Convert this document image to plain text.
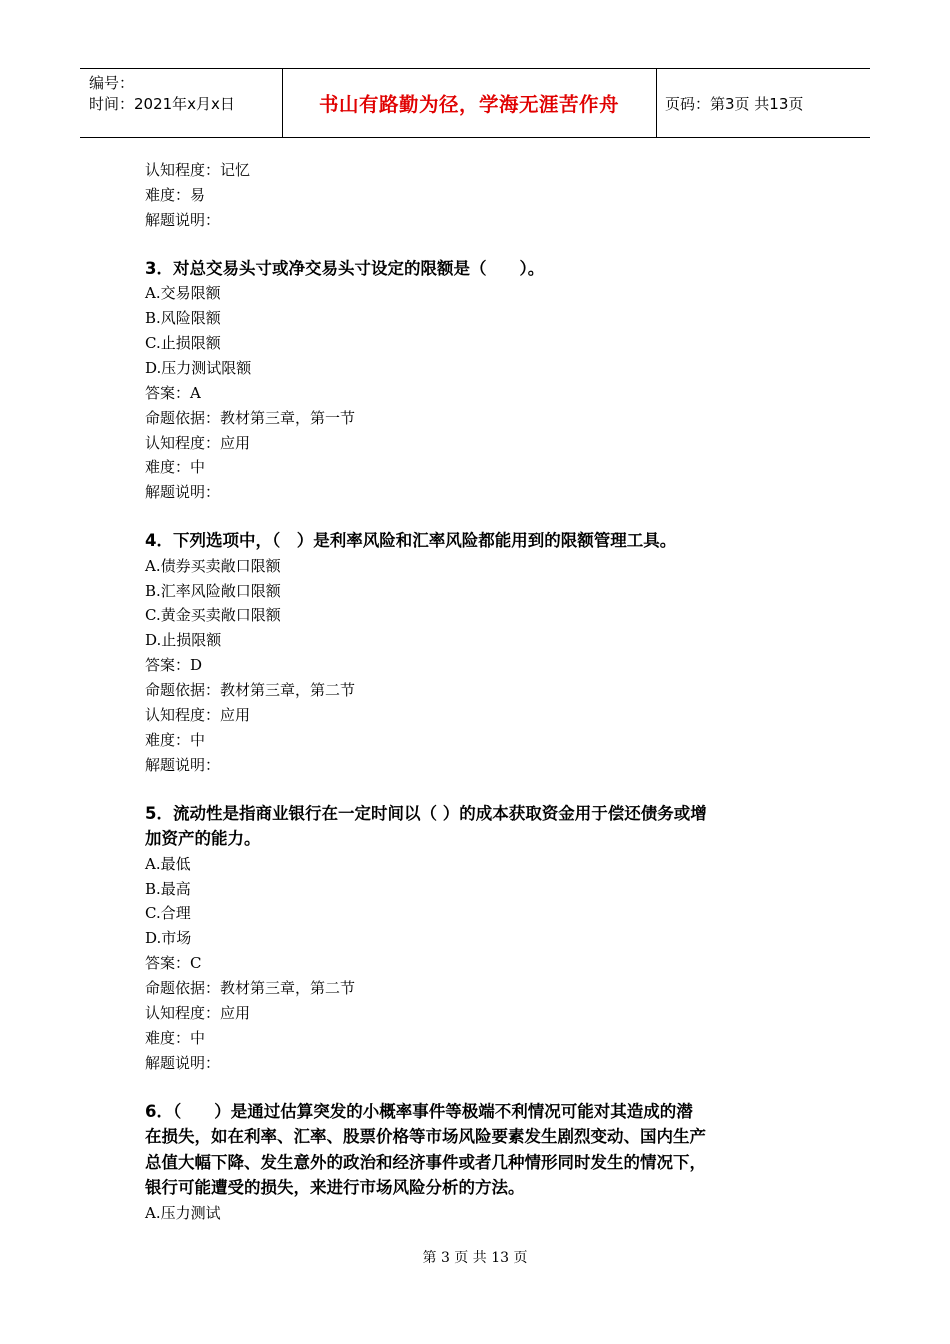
编号：
时间：2021年x月x日	书山有路勤为径，学海无涯苦作舟	页码：第3页 共13页
认知程度：记忆
难度：易
解题说明：
3．对总交易头寸或净交易头寸设定的限额是（　　）。
A.交易限额
B.风险限额
C.止损限额
D.压力测试限额
答案：A
命题依据：教材第三章，第一节
认知程度：应用
难度：中
解题说明：
4．下列选项中，（　）是利率风险和汇率风险都能用到的限额管理工具。
A.债券买卖敞口限额
B.汇率风险敞口限额
C.黄金买卖敞口限额
D.止损限额
答案：D
命题依据：教材第三章，第二节
认知程度：应用
难度：中
解题说明：
5．流动性是指商业银行在一定时间以（ ）的成本获取资金用于偿还债务或增
加资产的能力。
A.最低
B.最高
C.合理
D.市场
答案：C
命题依据：教材第三章，第二节
认知程度：应用
难度：中
解题说明：
6．（　　）是通过估算突发的小概率事件等极端不利情况可能对其造成的潜
在损失，如在利率、汇率、股票价格等市场风险要素发生剧烈变动、国内生产
总值大幅下降、发生意外的政治和经济事件或者几种情形同时发生的情况下，
银行可能遭受的损失，来进行市场风险分析的方法。
A.压力测试
第 3 页 共 13 页
